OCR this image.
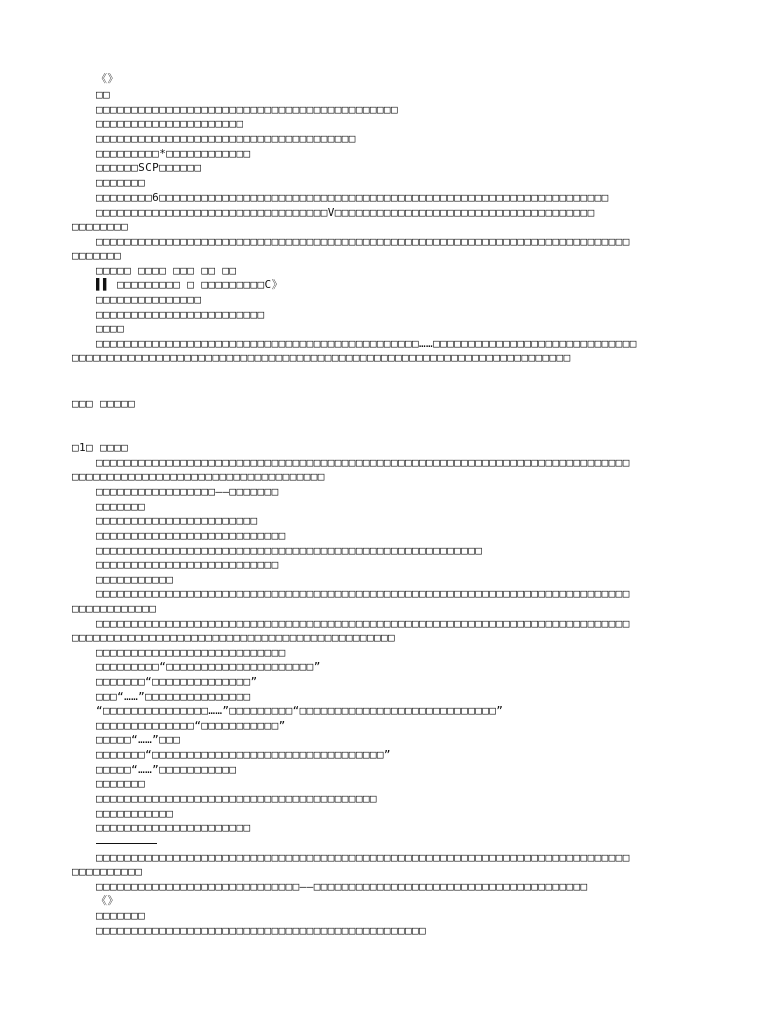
《》
□□
□□□□□□□□□□□□□□□□□□□□□□□□□□□□□□□□□□□□□□□□□□□
□□□□□□□□□□□□□□□□□□□□□
□□□□□□□□□□□□□□□□□□□□□□□□□□□□□□□□□□□□□
□□□□□□□□□*□□□□□□□□□□□□
□□□□□□SCP□□□□□□
□□□□□□□
□□□□□□□□6□□□□□□□□□□□□□□□□□□□□□□□□□□□□□□□□□□□□□□□□□□□□□□□□□□□□□□□□□□□□□□□□
□□□□□□□□□□□□□□□□□□□□□□□□□□□□□□□□□V□□□□□□□□□□□□□□□□□□□□□□□□□□□□□□□□□□□□□
□□□□□□□□
□□□□□□□□□□□□□□□□□□□□□□□□□□□□□□□□□□□□□□□□□□□□□□□□□□□□□□□□□□□□□□□□□□□□□□□□□□□□
□□□□□□□
□□□□□ □□□□ □□□ □□ □□
▌▌ □□□□□□□□□ □ □□□□□□□□□C》
□□□□□□□□□□□□□□□
□□□□□□□□□□□□□□□□□□□□□□□□
□□□□
□□□□□□□□□□□□□□□□□□□□□□□□□□□□□□□□□□□□□□□□□□□□□□……□□□□□□□□□□□□□□□□□□□□□□□□□□□□□
□□□□□□□□□□□□□□□□□□□□□□□□□□□□□□□□□□□□□□□□□□□□□□□□□□□□□□□□□□□□□□□□□□□□□□□
□□□ □□□□□
□1□ □□□□
□□□□□□□□□□□□□□□□□□□□□□□□□□□□□□□□□□□□□□□□□□□□□□□□□□□□□□□□□□□□□□□□□□□□□□□□□□□□
□□□□□□□□□□□□□□□□□□□□□□□□□□□□□□□□□□□□
□□□□□□□□□□□□□□□□□——□□□□□□□
□□□□□□□
□□□□□□□□□□□□□□□□□□□□□□□
□□□□□□□□□□□□□□□□□□□□□□□□□□□
□□□□□□□□□□□□□□□□□□□□□□□□□□□□□□□□□□□□□□□□□□□□□□□□□□□□□□□
□□□□□□□□□□□□□□□□□□□□□□□□□□
□□□□□□□□□□□
□□□□□□□□□□□□□□□□□□□□□□□□□□□□□□□□□□□□□□□□□□□□□□□□□□□□□□□□□□□□□□□□□□□□□□□□□□□□
□□□□□□□□□□□□
□□□□□□□□□□□□□□□□□□□□□□□□□□□□□□□□□□□□□□□□□□□□□□□□□□□□□□□□□□□□□□□□□□□□□□□□□□□□
□□□□□□□□□□□□□□□□□□□□□□□□□□□□□□□□□□□□□□□□□□□□□□
□□□□□□□□□□□□□□□□□□□□□□□□□□□
□□□□□□□□□“□□□□□□□□□□□□□□□□□□□□□”
□□□□□□□“□□□□□□□□□□□□□□”
□□□“……”□□□□□□□□□□□□□□□
“□□□□□□□□□□□□□□□……”□□□□□□□□□“□□□□□□□□□□□□□□□□□□□□□□□□□□□□”
□□□□□□□□□□□□□□“□□□□□□□□□□□”
□□□□□“……”□□□
□□□□□□□“□□□□□□□□□□□□□□□□□□□□□□□□□□□□□□□□□”
□□□□□“……”□□□□□□□□□□□
□□□□□□□
□□□□□□□□□□□□□□□□□□□□□□□□□□□□□□□□□□□□□□□□
□□□□□□□□□□□
□□□□□□□□□□□□□□□□□□□□□□
□□□□□□□□□□□□□□□□□□□□□□□□□□□□□□□□□□□□□□□□□□□□□□□□□□□□□□□□□□□□□□□□□□□□□□□□□□□□
□□□□□□□□□□
□□□□□□□□□□□□□□□□□□□□□□□□□□□□□——□□□□□□□□□□□□□□□□□□□□□□□□□□□□□□□□□□□□□□□
《》
□□□□□□□
□□□□□□□□□□□□□□□□□□□□□□□□□□□□□□□□□□□□□□□□□□□□□□□
